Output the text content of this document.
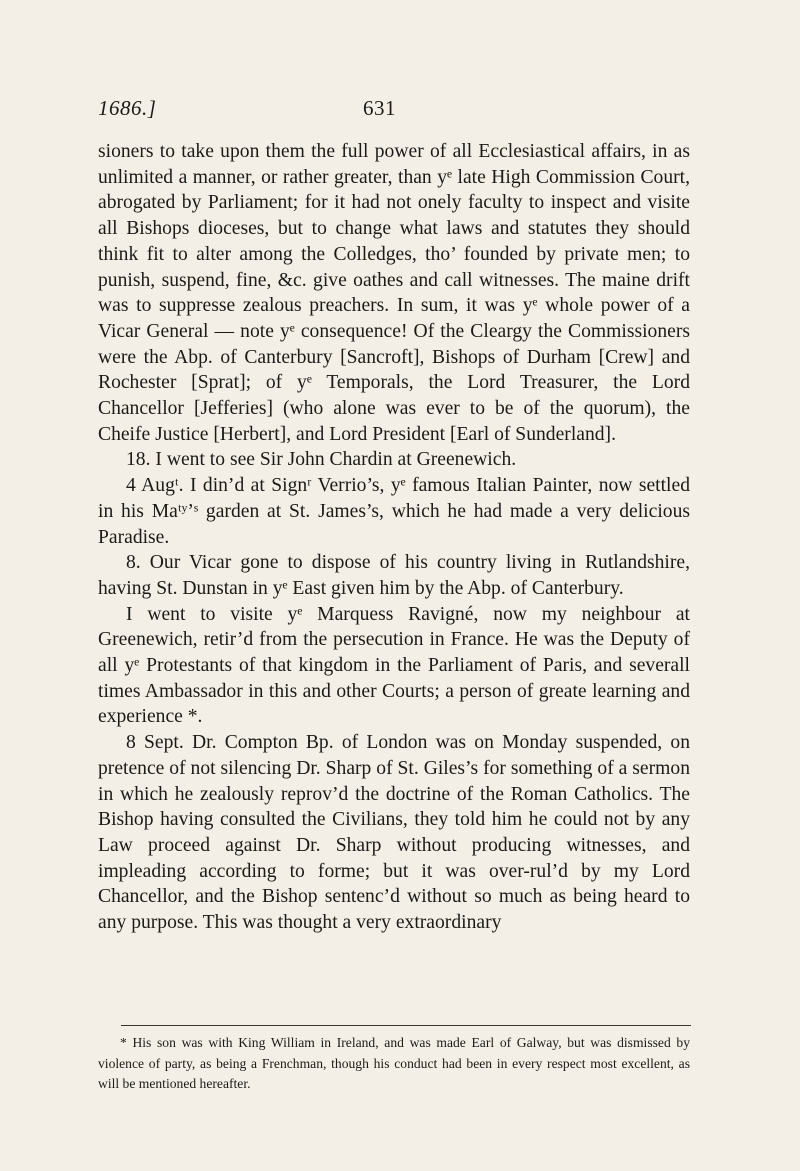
1686.]	631

sioners to take upon them the full power of all Ecclesiastical affairs, in as unlimited a manner, or rather greater, than yᵉ late High Commission Court, abrogated by Parliament; for it had not onely faculty to inspect and visite all Bishops dioceses, but to change what laws and statutes they should think fit to alter among the Colledges, tho’ founded by private men; to punish, suspend, fine, &c. give oathes and call witnesses. The maine drift was to suppresse zealous preachers. In sum, it was yᵉ whole power of a Vicar General — note yᵉ consequence! Of the Cleargy the Commissioners were the Abp. of Canterbury [Sancroft], Bishops of Durham [Crew] and Rochester [Sprat]; of yᵉ Temporals, the Lord Treasurer, the Lord Chancellor [Jefferies] (who alone was ever to be of the quorum), the Cheife Justice [Herbert], and Lord President [Earl of Sunderland].

18. I went to see Sir John Chardin at Greenewich.

4 Augᵗ. I din’d at Signʳ Verrio’s, yᵉ famous Italian Painter, now settled in his Maᵗʸ’ˢ garden at St. James’s, which he had made a very delicious Paradise.

8. Our Vicar gone to dispose of his country living in Rutlandshire, having St. Dunstan in yᵉ East given him by the Abp. of Canterbury.

I went to visite yᵉ Marquess Ravigné, now my neighbour at Greenewich, retir’d from the persecution in France. He was the Deputy of all yᵉ Protestants of that kingdom in the Parliament of Paris, and severall times Ambassador in this and other Courts; a person of greate learning and experience *.

8 Sept. Dr. Compton Bp. of London was on Monday suspended, on pretence of not silencing Dr. Sharp of St. Giles’s for something of a sermon in which he zealously reprov’d the doctrine of the Roman Catholics. The Bishop having consulted the Civilians, they told him he could not by any Law proceed against Dr. Sharp without producing witnesses, and impleading according to forme; but it was over-rul’d by my Lord Chancellor, and the Bishop sentenc’d without so much as being heard to any purpose. This was thought a very extraordinary

* His son was with King William in Ireland, and was made Earl of Galway, but was dismissed by violence of party, as being a Frenchman, though his conduct had been in every respect most excellent, as will be mentioned hereafter.
